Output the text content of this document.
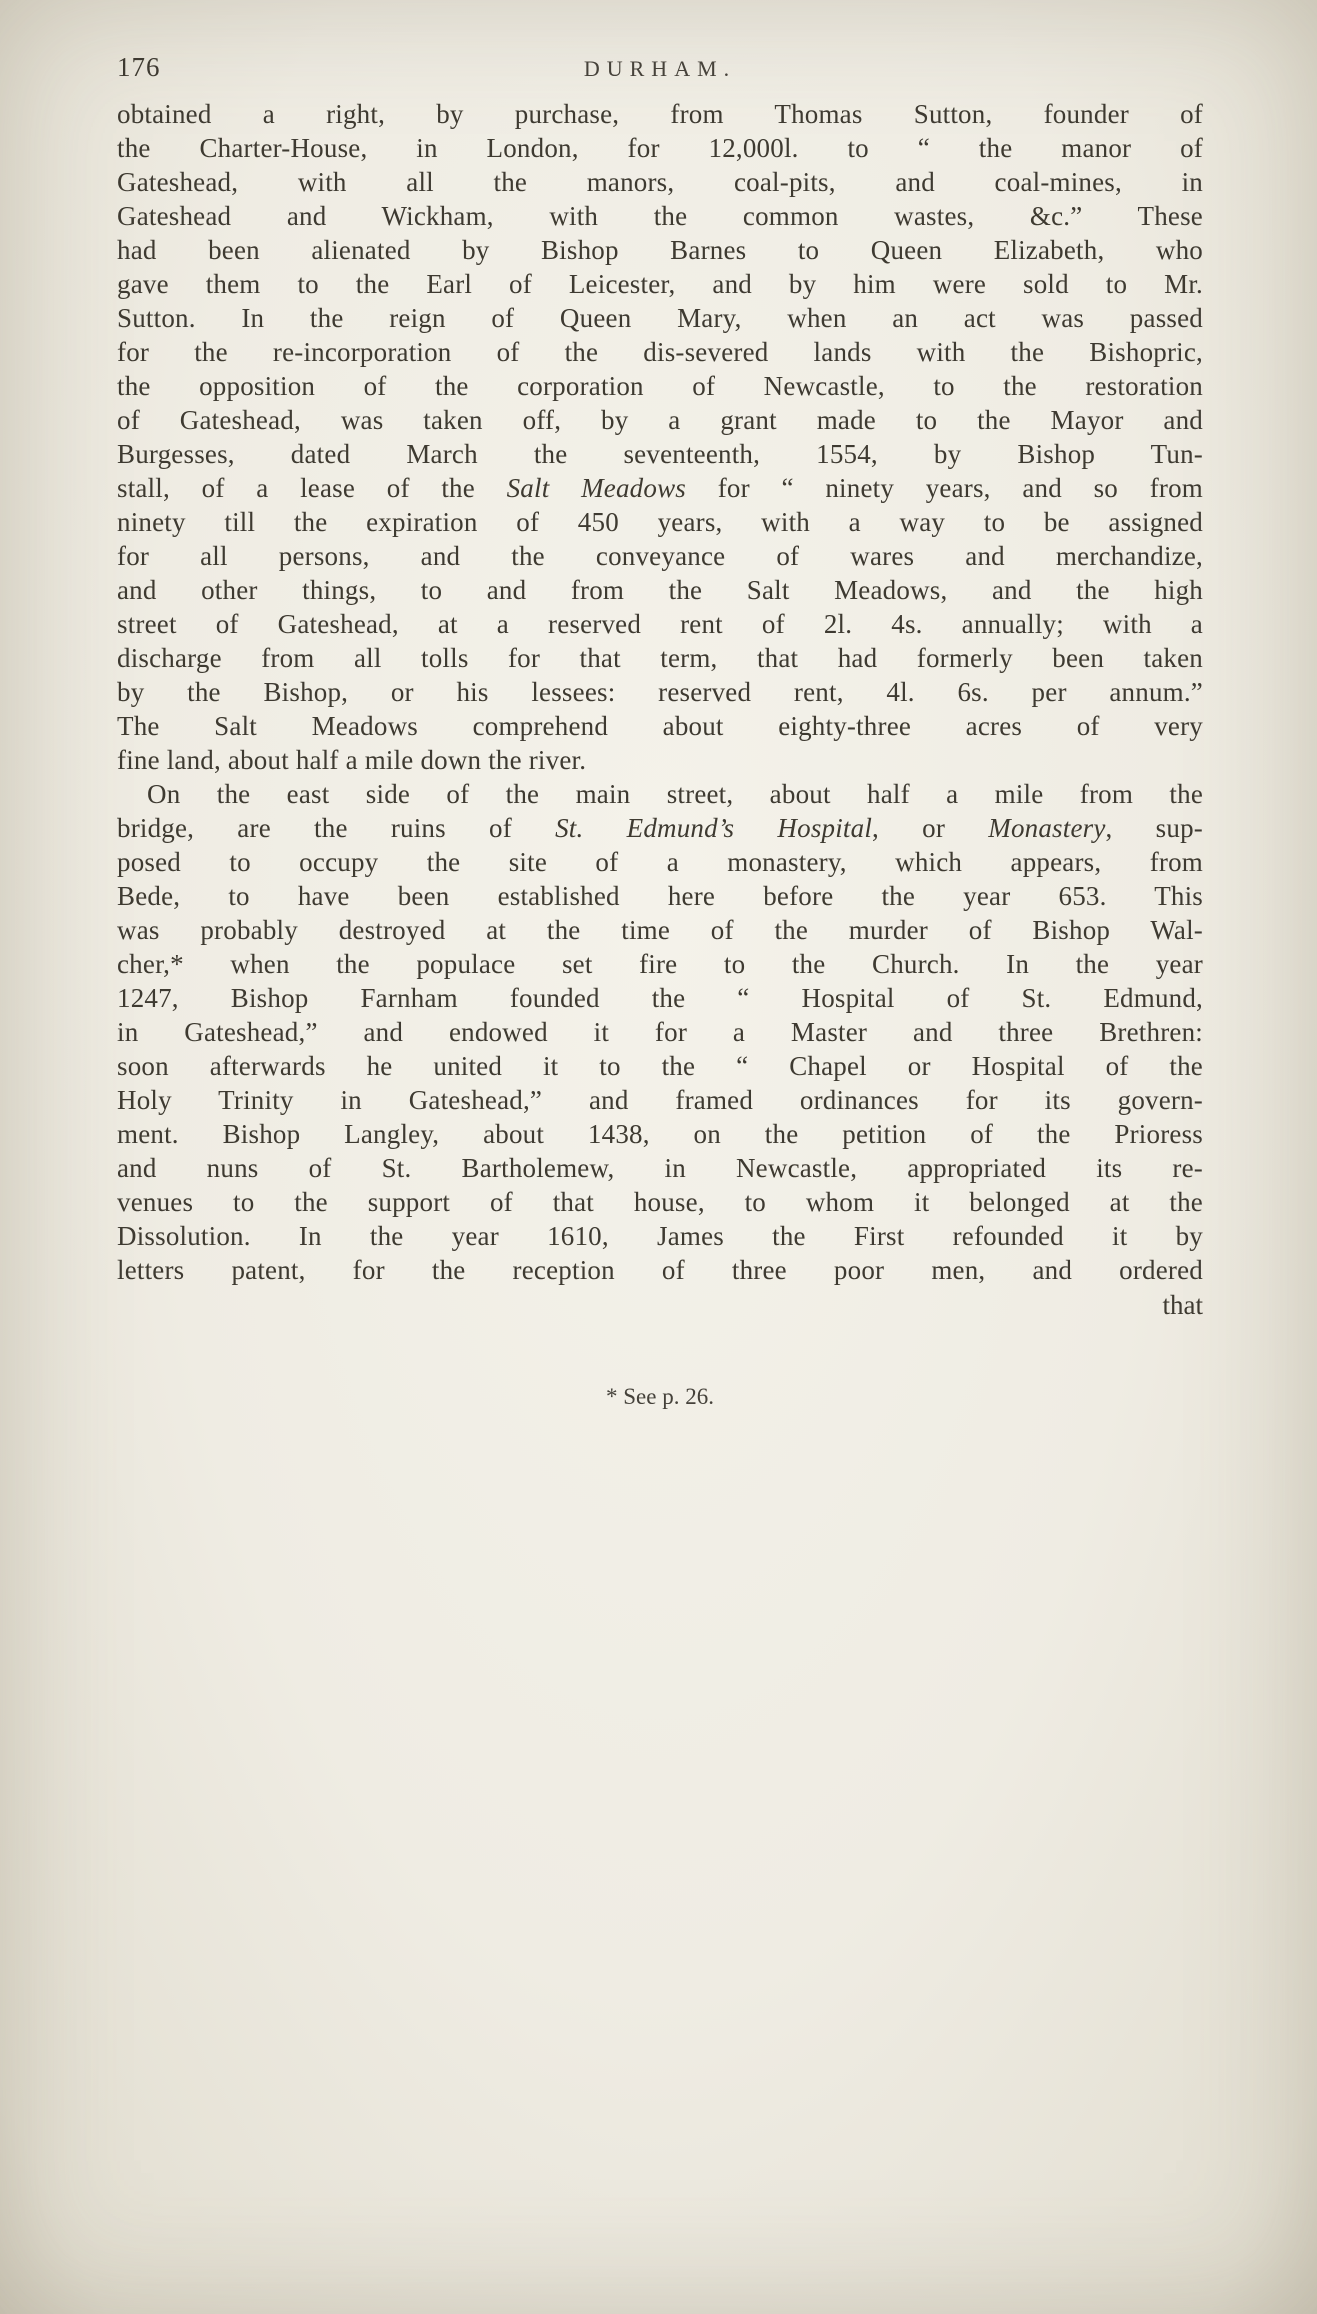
176	DURHAM.
obtained a right, by purchase, from Thomas Sutton, founder of
the Charter-House, in London, for 12,000l. to “ the manor of
Gateshead, with all the manors, coal-pits, and coal-mines, in
Gateshead and Wickham, with the common wastes, &c.” These
had been alienated by Bishop Barnes to Queen Elizabeth, who
gave them to the Earl of Leicester, and by him were sold to Mr.
Sutton. In the reign of Queen Mary, when an act was passed
for the re-incorporation of the dis-severed lands with the Bishopric,
the opposition of the corporation of Newcastle, to the restoration
of Gateshead, was taken off, by a grant made to the Mayor and
Burgesses, dated March the seventeenth, 1554, by Bishop Tun-
stall, of a lease of the Salt Meadows for “ ninety years, and so from
ninety till the expiration of 450 years, with a way to be assigned
for all persons, and the conveyance of wares and merchandize,
and other things, to and from the Salt Meadows, and the high
street of Gateshead, at a reserved rent of 2l. 4s. annually; with a
discharge from all tolls for that term, that had formerly been taken
by the Bishop, or his lessees: reserved rent, 4l. 6s. per annum.”
The Salt Meadows comprehend about eighty-three acres of very
fine land, about half a mile down the river.
On the east side of the main street, about half a mile from the
bridge, are the ruins of St. Edmund’s Hospital, or Monastery, sup-
posed to occupy the site of a monastery, which appears, from
Bede, to have been established here before the year 653. This
was probably destroyed at the time of the murder of Bishop Wal-
cher,* when the populace set fire to the Church. In the year
1247, Bishop Farnham founded the “ Hospital of St. Edmund,
in Gateshead,” and endowed it for a Master and three Brethren:
soon afterwards he united it to the “ Chapel or Hospital of the
Holy Trinity in Gateshead,” and framed ordinances for its govern-
ment. Bishop Langley, about 1438, on the petition of the Prioress
and nuns of St. Bartholemew, in Newcastle, appropriated its re-
venues to the support of that house, to whom it belonged at the
Dissolution. In the year 1610, James the First refounded it by
letters patent, for the reception of three poor men, and ordered
that
* See p. 26.
